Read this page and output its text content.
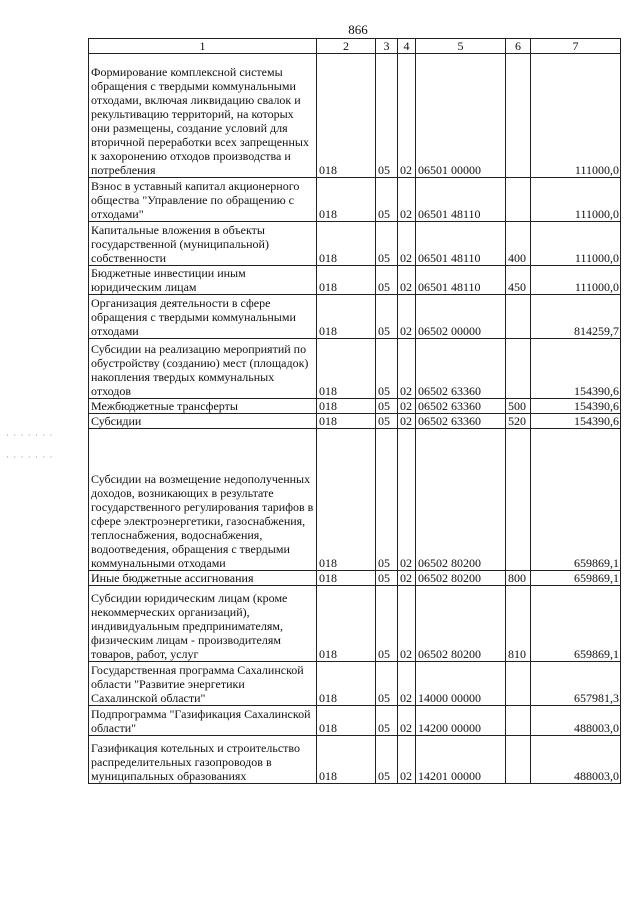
866
1	2	3	4	5	6	7
Формирование комплексной системы обращения с твердыми коммунальными отходами, включая ликвидацию свалок и рекультивацию территорий, на которых они размещены, создание условий для вторичной переработки всех запрещенных к захоронению отходов производства и потребления	018	05	02	06501 00000		111000,0
Взнос в уставный капитал акционерного общества "Управление по обращению с отходами"	018	05	02	06501 48110		111000,0
Капитальные вложения в объекты государственной (муниципальной) собственности	018	05	02	06501 48110	400	111000,0
Бюджетные инвестиции иным юридическим лицам	018	05	02	06501 48110	450	111000,0
Организация деятельности в сфере обращения с твердыми коммунальными отходами	018	05	02	06502 00000		814259,7
Субсидии на реализацию мероприятий по обустройству (созданию) мест (площадок) накопления твердых коммунальных отходов	018	05	02	06502 63360		154390,6
Межбюджетные трансферты	018	05	02	06502 63360	500	154390,6
Субсидии	018	05	02	06502 63360	520	154390,6
Субсидии на возмещение недополученных доходов, возникающих в результате государственного регулирования тарифов в сфере электроэнергетики, газоснабжения, теплоснабжения, водоснабжения, водоотведения, обращения с твердыми коммунальными отходами	018	05	02	06502 80200		659869,1
Иные бюджетные ассигнования	018	05	02	06502 80200	800	659869,1
Субсидии юридическим лицам (кроме некоммерческих организаций), индивидуальным предпринимателям, физическим лицам - производителям товаров, работ, услуг	018	05	02	06502 80200	810	659869,1
Государственная программа Сахалинской области "Развитие энергетики Сахалинской области"	018	05	02	14000 00000		657981,3
Подпрограмма "Газификация Сахалинской области"	018	05	02	14200 00000		488003,0
Газификация котельных и строительство распределительных газопроводов в муниципальных образованиях	018	05	02	14201 00000		488003,0
· · · · · · ·
· · · · · · ·
